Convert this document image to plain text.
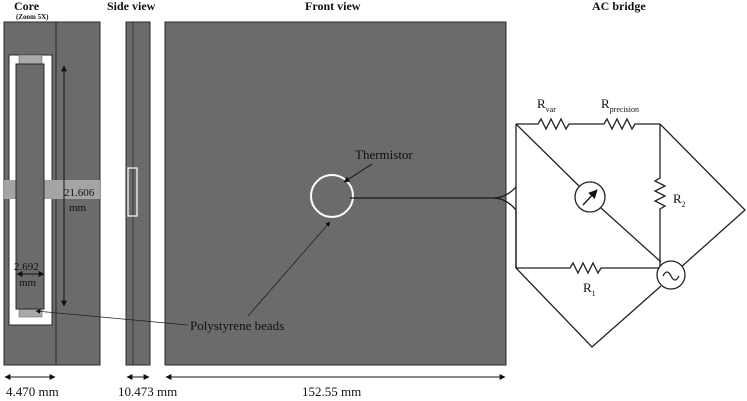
Core
(Zoom 5X)
Side view	Front view	AC bridge
21.606
mm
2.692
mm
Thermistor
Polystyrene beads
4.470 mm	10.473 mm	152.55 mm
$R_{var}$	$R_{precision}$
$R_2$
$R_1$
